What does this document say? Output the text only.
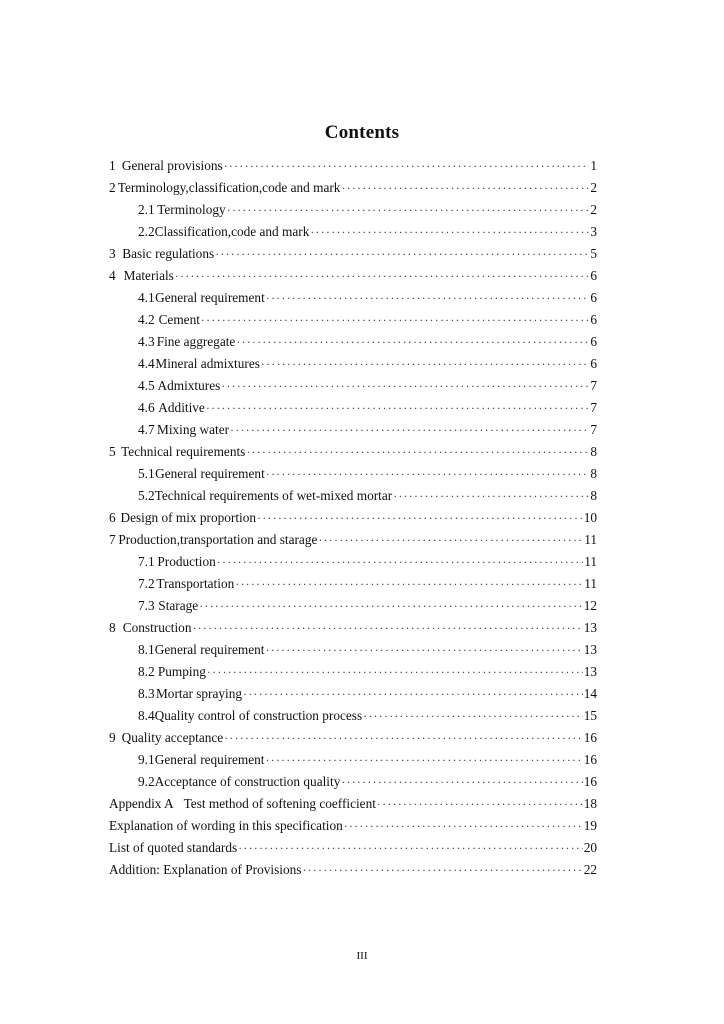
Contents
1 General provisions ·····	1
2 Terminology,classification,code and mark ·····	2
2.1 Terminology ·····	2
2.2 Classification,code and mark ·····	3
3 Basic regulations ·····	5
4 Materials ·····	6
4.1 General requirement ·····	6
4.2 Cement ·····	6
4.3 Fine aggregate ·····	6
4.4 Mineral admixtures ·····	6
4.5 Admixtures ·····	7
4.6 Additive ·····	7
4.7 Mixing water ·····	7
5 Technical requirements ·····	8
5.1 General requirement ·····	8
5.2 Technical requirements of wet-mixed mortar ·····	8
6 Design of mix proportion ·····	10
7 Production,transportation and starage ·····	11
7.1 Production ·····	11
7.2 Transportation ·····	11
7.3 Starage ·····	12
8 Construction ·····	13
8.1 General requirement ·····	13
8.2 Pumping ·····	13
8.3 Mortar spraying ·····	14
8.4 Quality control of construction process ·····	15
9 Quality acceptance ·····	16
9.1 General requirement ·····	16
9.2 Acceptance of construction quality ·····	16
Appendix A   Test method of softening coefficient ·····	18
Explanation of wording in this specification ·····	19
List of quoted standards ·····	20
Addition: Explanation of Provisions ·····	22
III
